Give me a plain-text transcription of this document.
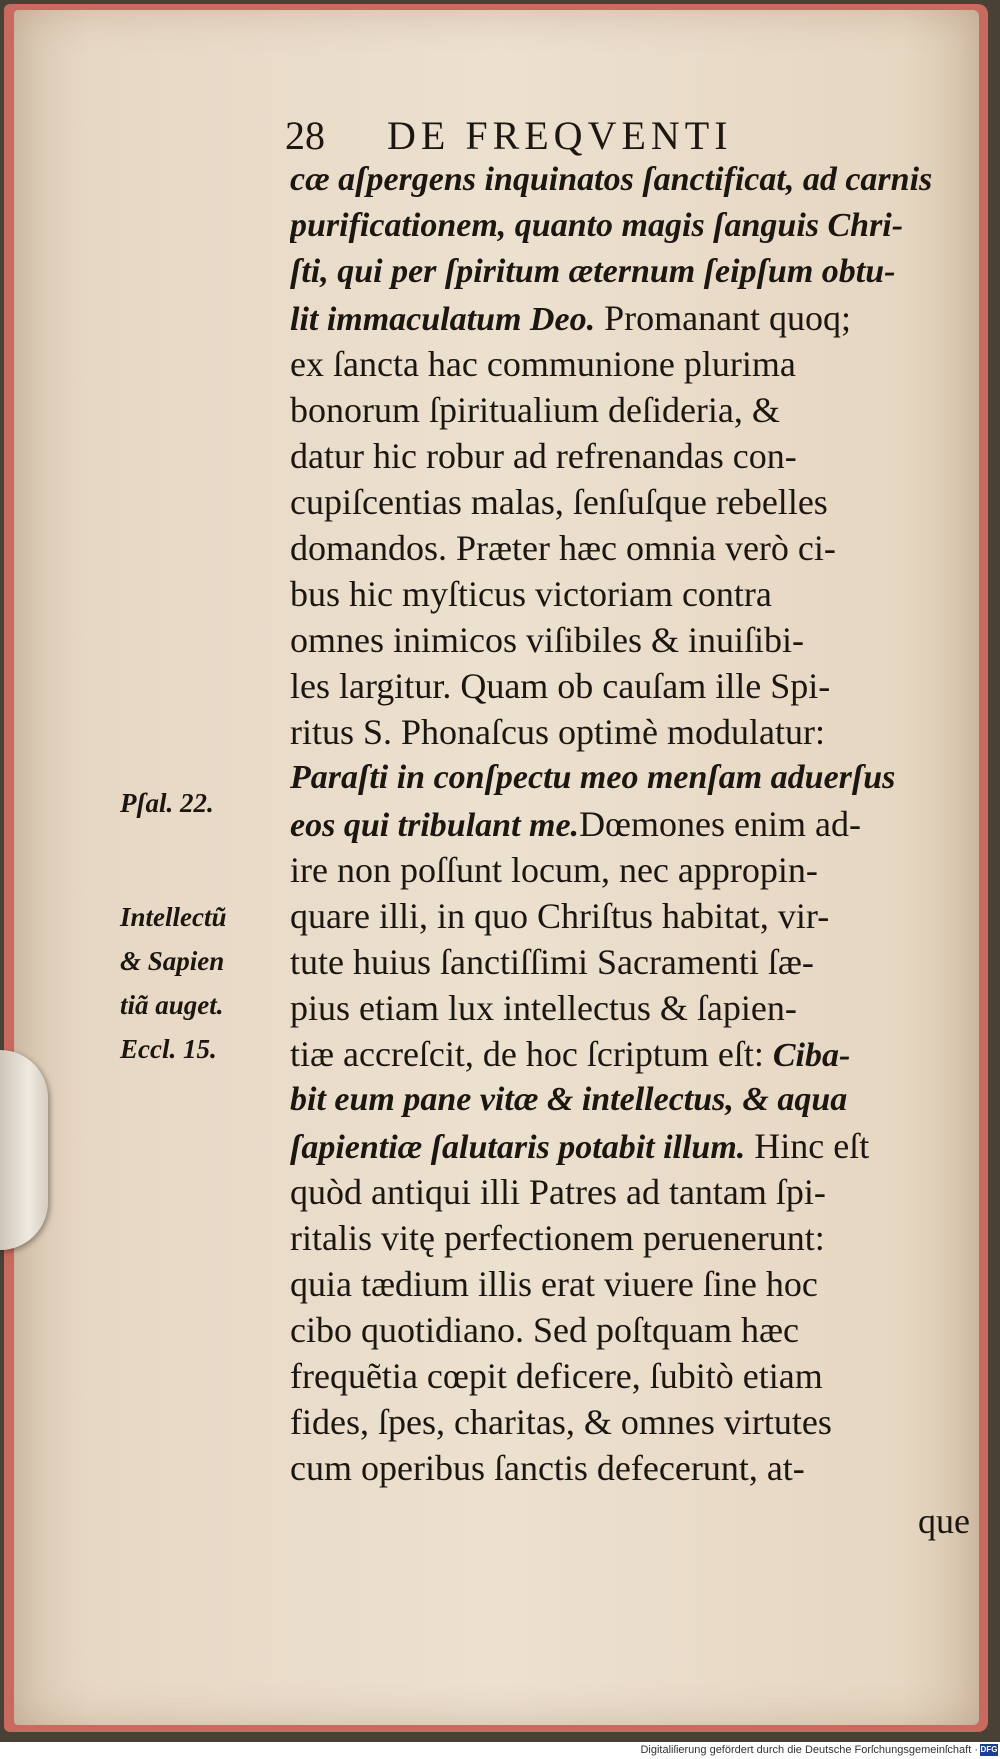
28 DE FREQVENTI
cæ aſpergens inquinatos ſanctificat, ad carnis
purificationem, quanto magis ſanguis Chri-
ſti, qui per ſpiritum æternum ſeipſum obtu-
lit immaculatum Deo. Promanant quoq;
ex ſancta hac communione plurima
bonorum ſpiritualium deſideria, &
datur hic robur ad refrenandas con-
cupiſcentias malas, ſenſuſque rebelles
domandos. Præter hæc omnia verò ci-
bus hic myſticus victoriam contra
omnes inimicos viſibiles & inuiſibi-
les largitur. Quam ob cauſam ille Spi-
ritus S. Phonaſcus optimè modulatur:
Paraſti in conſpectu meo menſam aduerſus
eos qui tribulant me.Dœmones enim ad-
ire non poſſunt locum, nec appropin-
quare illi, in quo Chriſtus habitat, vir-
tute huius ſanctiſſimi Sacramenti ſæ-
pius etiam lux intellectus & ſapien-
tiæ accreſcit, de hoc ſcriptum eſt: Ciba-
bit eum pane vitæ & intellectus, & aqua
ſapientiæ ſalutaris potabit illum. Hinc eſt
quòd antiqui illi Patres ad tantam ſpi-
ritalis vitę perfectionem peruenerunt:
quia tædium illis erat viuere ſine hoc
cibo quotidiano. Sed poſtquam hæc
frequẽtia cœpit deficere, ſubitò etiam
fides, ſpes, charitas, & omnes virtutes
cum operibus ſanctis defecerunt, at-
que
Pſal. 22.
Intellectũ
& Sapien
tiã auget.
Eccl. 15.
Digitaliſierung gefördert durch die Deutsche Forſchungsgemeinſchaft · DFG
